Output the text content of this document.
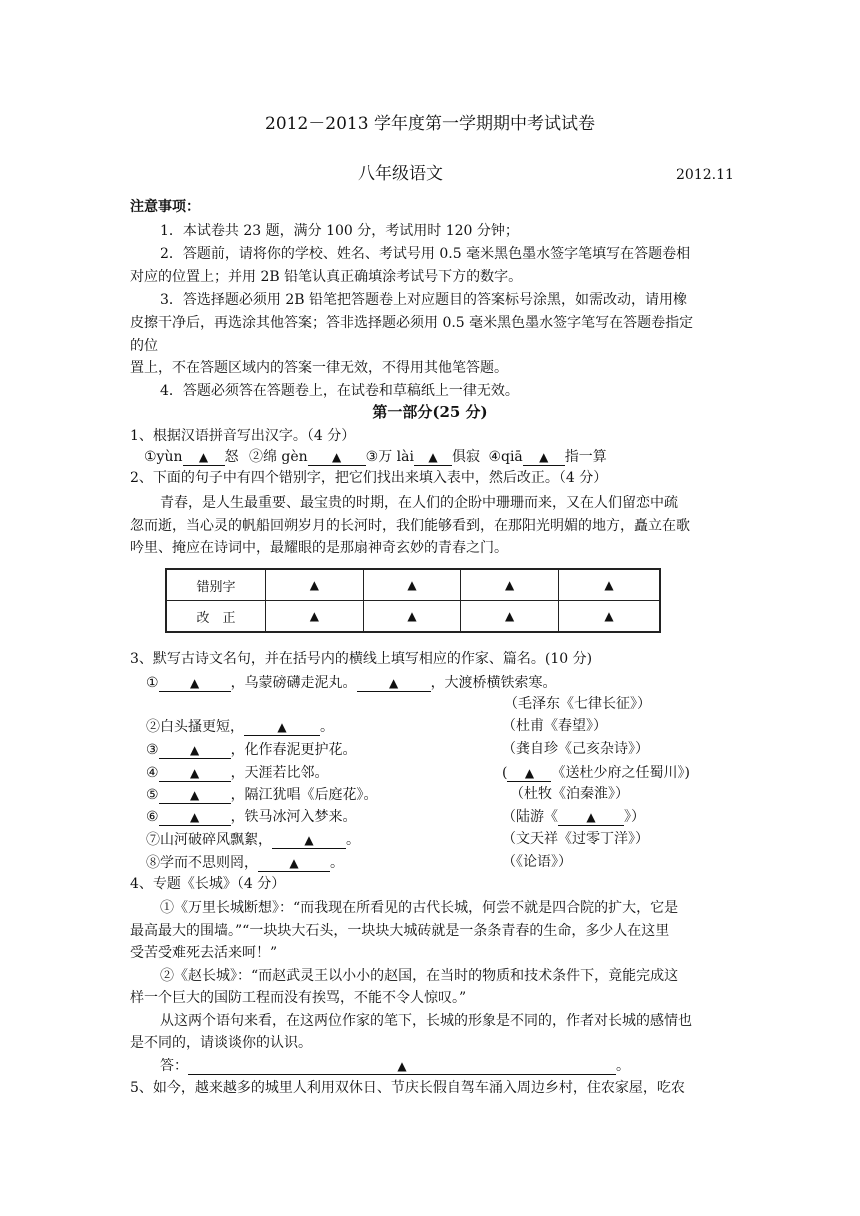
2012－2013 学年度第一学期期中考试试卷
八年级语文	2012.11
注意事项：
1．本试卷共 23 题，满分 100 分，考试用时 120 分钟；
2．答题前，请将你的学校、姓名、考试号用 0.5 毫米黑色墨水签字笔填写在答题卷相
对应的位置上；并用 2B 铅笔认真正确填涂考试号下方的数字。
3．答选择题必须用 2B 铅笔把答题卷上对应题目的答案标号涂黑，如需改动，请用橡
皮擦干净后，再选涂其他答案；答非选择题必须用 0.5 毫米黑色墨水签字笔写在答题卷指定
的位
置上，不在答题区域内的答案一律无效，不得用其他笔答题。
4．答题必须答在答题卷上，在试卷和草稿纸上一律无效。
第一部分(25 分)
1、根据汉语拼音写出汉字。（4 分）
①yùn ▲ 怒 ②绵 gèn ▲ ③万 lài ▲ 俱寂 ④qiā ▲ 指一算
2、下面的句子中有四个错别字，把它们找出来填入表中，然后改正。（4 分）
青春，是人生最重要、最宝贵的时期，在人们的企盼中珊珊而来，又在人们留恋中疏
忽而逝，当心灵的帆船回朔岁月的长河时，我们能够看到，在那阳光明媚的地方，矗立在歌
吟里、掩应在诗词中，最耀眼的是那扇神奇玄妙的青春之门。
错别字	▲	▲	▲	▲
改　正	▲	▲	▲	▲
3、默写古诗文名句，并在括号内的横线上填写相应的作家、篇名。(10 分)
①	▲ ，乌蒙磅礴走泥丸。	▲ ，大渡桥横铁索寒。
（毛泽东《七律长征》）
②白头搔更短，	▲ 。	（杜甫《春望》）
③	▲ ，化作春泥更护花。	（龚自珍《己亥杂诗》）
④	▲ ，天涯若比邻。	( ▲ 《送杜少府之任蜀川》)
⑤	▲ ，隔江犹唱《后庭花》。	（杜牧《泊秦淮》）
⑥	▲ ，铁马冰河入梦来。	（陆游《 ▲ 》）
⑦山河破碎风飘絮，	▲ 。	（文天祥《过零丁洋》）
⑧学而不思则罔，	▲ 。	（《论语》）
4、专题《长城》（4 分）
①《万里长城断想》：“而我现在所看见的古代长城，何尝不就是四合院的扩大，它是
最高最大的围墙。”“一块块大石头，一块块大城砖就是一条条青春的生命，多少人在这里
受苦受难死去活来呵！”
②《赵长城》：“而赵武灵王以小小的赵国，在当时的物质和技术条件下，竟能完成这
样一个巨大的国防工程而没有挨骂，不能不令人惊叹。”
从这两个语句来看，在这两位作家的笔下，长城的形象是不同的，作者对长城的感情也
是不同的，请谈谈你的认识。
答：	▲	。
5、如今，越来越多的城里人利用双休日、节庆长假自驾车涌入周边乡村，住农家屋，吃农
